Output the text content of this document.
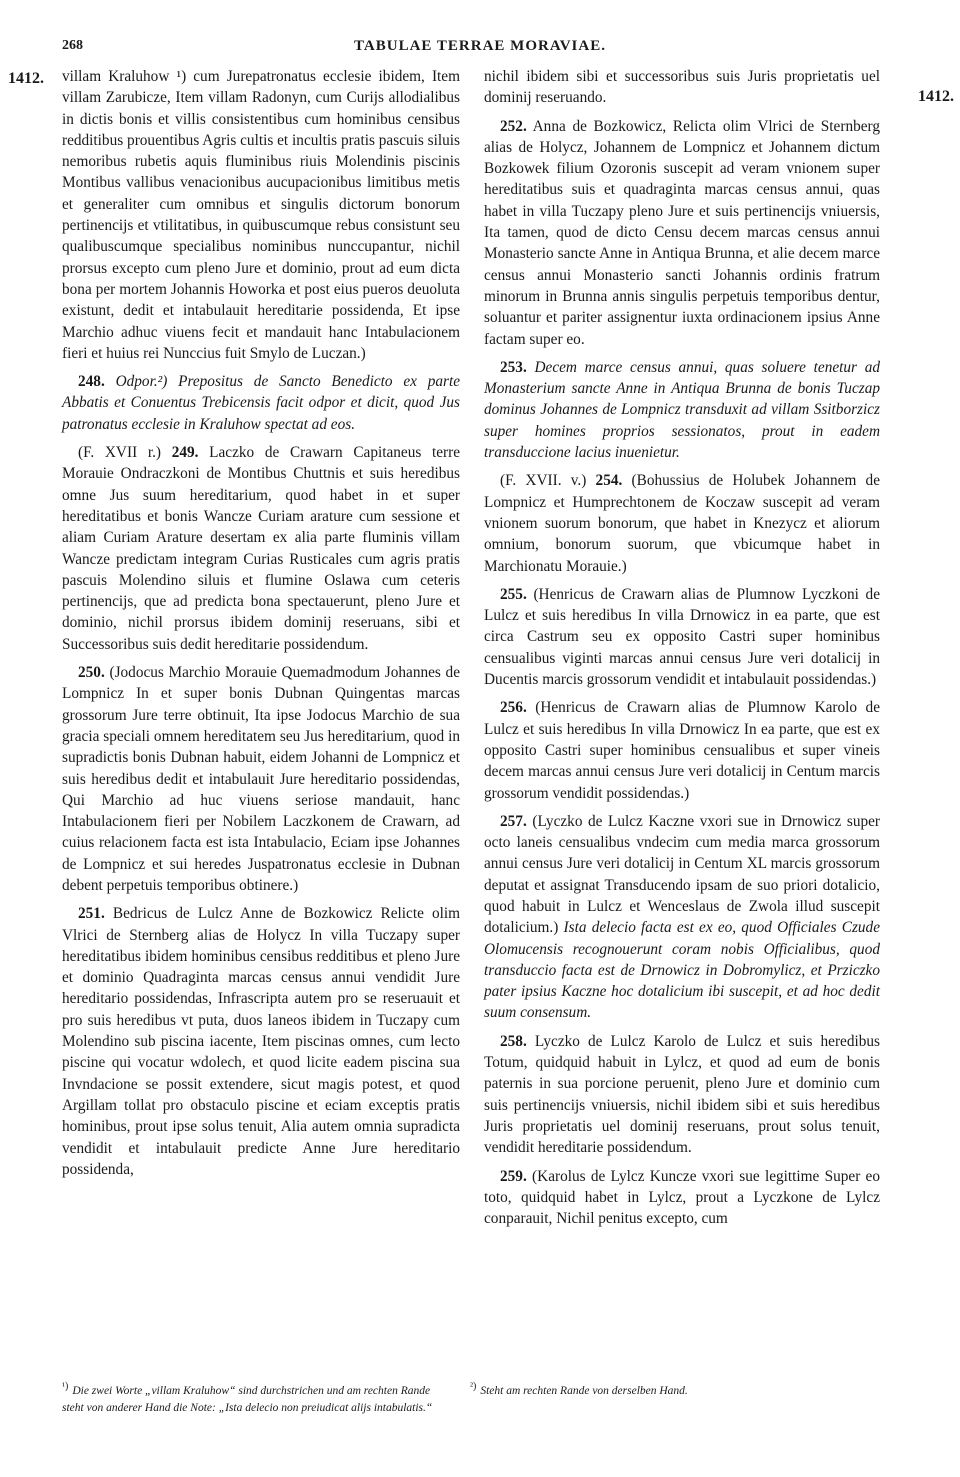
268	TABULAE TERRAE MORAVIAE.
1412.
1412.

villam Kraluhow ¹) cum Jurepatronatus ecclesie ibidem, Item villam Zarubicze, Item villam Radonyn, cum Curijs allodialibus in dictis bonis et villis consistentibus cum hominibus censibus redditibus prouentibus Agris cultis et incultis pratis pascuis siluis nemoribus rubetis aquis fluminibus riuis Molendinis piscinis Montibus vallibus venacionibus aucupacionibus limitibus metis et generaliter cum omnibus et singulis dictorum bonorum pertinencijs et vtilitatibus, in quibuscumque rebus consistunt seu qualibuscumque specialibus nominibus nunccupantur, nichil prorsus excepto cum pleno Jure et dominio, prout ad eum dicta bona per mortem Johannis Howorka et post eius pueros deuoluta existunt, dedit et intabulauit hereditarie possidenda, Et ipse Marchio adhuc viuens fecit et mandauit hanc Intabulacionem fieri et huius rei Nunccius fuit Smylo de Luczan.)

248. Odpor.²) Prepositus de Sancto Benedicto ex parte Abbatis et Conuentus Trebicensis facit odpor et dicit, quod Jus patronatus ecclesie in Kraluhow spectat ad eos.

(F. XVII r.) 249. Laczko de Crawarn Capitaneus terre Morauie Ondraczkoni de Montibus Chuttnis et suis heredibus omne Jus suum hereditarium, quod habet in et super hereditatibus et bonis Wancze Curiam arature cum sessione et aliam Curiam Arature desertam ex alia parte fluminis villam Wancze predictam integram Curias Rusticales cum agris pratis pascuis Molendino siluis et flumine Oslawa cum ceteris pertinencijs, que ad predicta bona spectauerunt, pleno Jure et dominio, nichil prorsus ibidem dominij reseruans, sibi et Successoribus suis dedit hereditarie possidendum.

250. (Jodocus Marchio Morauie Quemadmodum Johannes de Lompnicz In et super bonis Dubnan Quingentas marcas grossorum Jure terre obtinuit, Ita ipse Jodocus Marchio de sua gracia speciali omnem hereditatem seu Jus hereditarium, quod in supradictis bonis Dubnan habuit, eidem Johanni de Lompnicz et suis heredibus dedit et intabulauit Jure hereditario possidendas, Qui Marchio ad huc viuens seriose mandauit, hanc Intabulacionem fieri per Nobilem Laczkonem de Crawarn, ad cuius relacionem facta est ista Intabulacio, Eciam ipse Johannes de Lompnicz et sui heredes Juspatronatus ecclesie in Dubnan debent perpetuis temporibus obtinere.)

251. Bedricus de Lulcz Anne de Bozkowicz Relicte olim Vlrici de Sternberg alias de Holycz In villa Tuczapy super hereditatibus ibidem hominibus censibus redditibus et pleno Jure et dominio Quadraginta marcas census annui vendidit Jure hereditario possidendas, Infrascripta autem pro se reseruauit et pro suis heredibus vt puta, duos laneos ibidem in Tuczapy cum Molendino sub piscina iacente, Item piscinas omnes, cum lecto piscine qui vocatur wdolech, et quod licite eadem piscina sua Invndacione se possit extendere, sicut magis potest, et quod Argillam tollat pro obstaculo piscine et eciam exceptis pratis hominibus, prout ipse solus tenuit, Alia autem omnia supradicta vendidit et intabulauit predicte Anne Jure hereditario possidenda,

nichil ibidem sibi et successoribus suis Juris proprietatis uel dominij reseruando.

252. Anna de Bozkowicz, Relicta olim Vlrici de Sternberg alias de Holycz, Johannem de Lompnicz et Johannem dictum Bozkowek filium Ozoronis suscepit ad veram vnionem super hereditatibus suis et quadraginta marcas census annui, quas habet in villa Tuczapy pleno Jure et suis pertinencijs vniuersis, Ita tamen, quod de dicto Censu decem marcas census annui Monasterio sancte Anne in Antiqua Brunna, et alie decem marce census annui Monasterio sancti Johannis ordinis fratrum minorum in Brunna annis singulis perpetuis temporibus dentur, soluantur et pariter assignentur iuxta ordinacionem ipsius Anne factam super eo.

253. Decem marce census annui, quas soluere tenetur ad Monasterium sancte Anne in Antiqua Brunna de bonis Tuczap dominus Johannes de Lompnicz transduxit ad villam Ssitborzicz super homines proprios sessionatos, prout in eadem transduccione lacius inuenietur.

(F. XVII. v.) 254. (Bohussius de Holubek Johannem de Lompnicz et Humprechtonem de Koczaw suscepit ad veram vnionem suorum bonorum, que habet in Knezycz et aliorum omnium, bonorum suorum, que vbicumque habet in Marchionatu Morauie.)

255. (Henricus de Crawarn alias de Plumnow Lyczkoni de Lulcz et suis heredibus In villa Drnowicz in ea parte, que est circa Castrum seu ex opposito Castri super hominibus censualibus viginti marcas annui census Jure veri dotalicij in Ducentis marcis grossorum vendidit et intabulauit possidendas.)

256. (Henricus de Crawarn alias de Plumnow Karolo de Lulcz et suis heredibus In villa Drnowicz In ea parte, que est ex opposito Castri super hominibus censualibus et super vineis decem marcas annui census Jure veri dotalicij in Centum marcis grossorum vendidit possidendas.)

257. (Lyczko de Lulcz Kaczne vxori sue in Drnowicz super octo laneis censualibus vndecim cum media marca grossorum annui census Jure veri dotalicij in Centum XL marcis grossorum deputat et assignat Transducendo ipsam de suo priori dotalicio, quod habuit in Lulcz et Wenceslaus de Zwola illud suscepit dotalicium.) Ista delecio facta est ex eo, quod Officiales Czude Olomucensis recognouerunt coram nobis Officialibus, quod transduccio facta est de Drnowicz in Dobromylicz, et Prziczko pater ipsius Kaczne hoc dotalicium ibi suscepit, et ad hoc dedit suum consensum.

258. Lyczko de Lulcz Karolo de Lulcz et suis heredibus Totum, quidquid habuit in Lylcz, et quod ad eum de bonis paternis in sua porcione peruenit, pleno Jure et dominio cum suis pertinencijs vniuersis, nichil ibidem sibi et suis heredibus Juris proprietatis uel dominij reseruans, prout solus tenuit, vendidit hereditarie possidendum.

259. (Karolus de Lylcz Kuncze vxori sue legittime Super eo toto, quidquid habet in Lylcz, prout a Lyczkone de Lylcz conparauit, Nichil penitus excepto, cum

¹) Die zwei Worte „villam Kraluhow“ sind durchstrichen und am rechten Rande steht von anderer Hand die Note: „Ista delecio non preiudicat alijs intabulatis.“
²) Steht am rechten Rande von derselben Hand.
